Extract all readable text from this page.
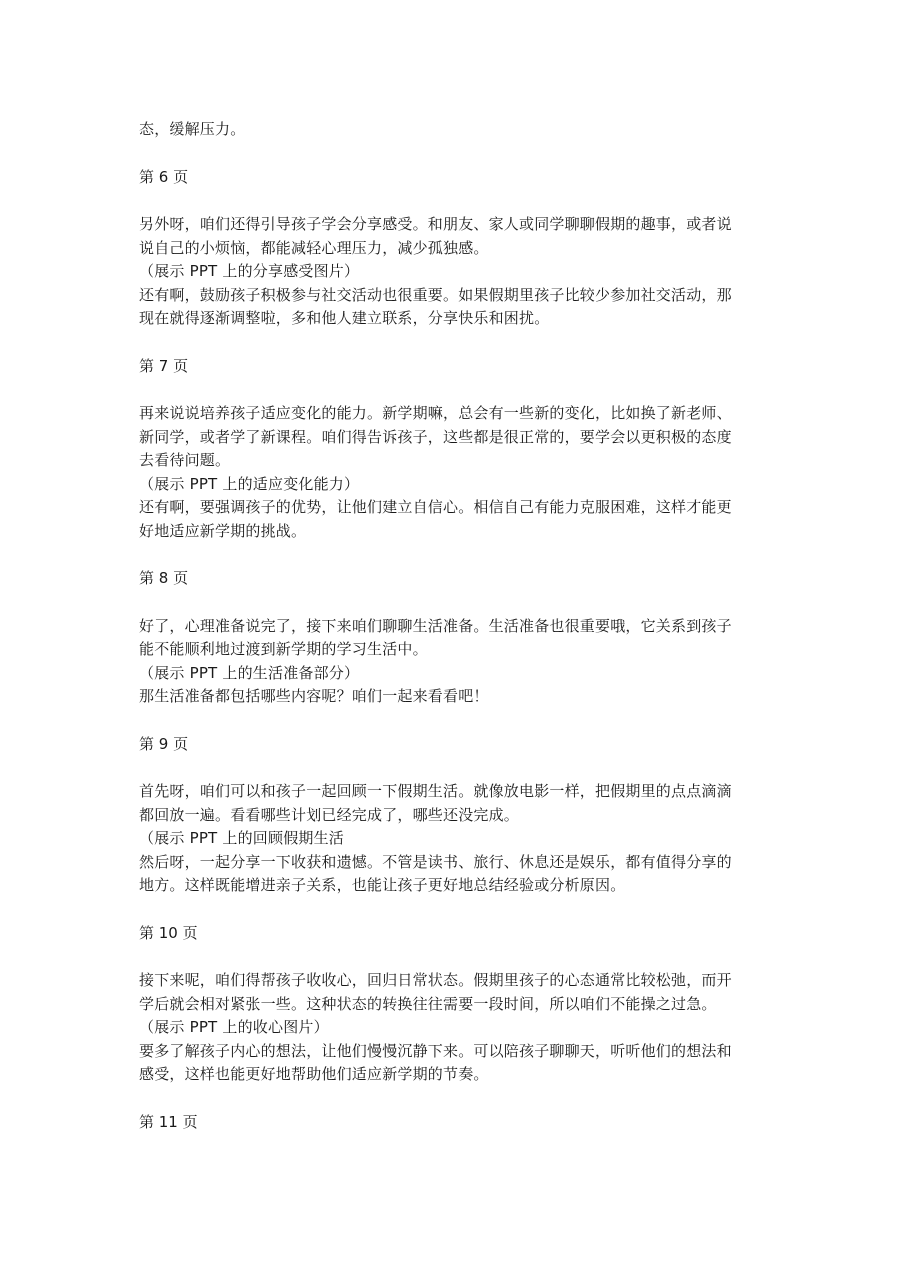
态，缓解压力。

第 6 页

另外呀，咱们还得引导孩子学会分享感受。和朋友、家人或同学聊聊假期的趣事，或者说

说自己的小烦恼，都能减轻心理压力，减少孤独感。

（展示 PPT 上的分享感受图片）

还有啊，鼓励孩子积极参与社交活动也很重要。如果假期里孩子比较少参加社交活动，那

现在就得逐渐调整啦，多和他人建立联系，分享快乐和困扰。

第 7 页

再来说说培养孩子适应变化的能力。新学期嘛，总会有一些新的变化，比如换了新老师、

新同学，或者学了新课程。咱们得告诉孩子，这些都是很正常的，要学会以更积极的态度

去看待问题。

（展示 PPT 上的适应变化能力）

还有啊，要强调孩子的优势，让他们建立自信心。相信自己有能力克服困难，这样才能更

好地适应新学期的挑战。

第 8 页

好了，心理准备说完了，接下来咱们聊聊生活准备。生活准备也很重要哦，它关系到孩子

能不能顺利地过渡到新学期的学习生活中。

（展示 PPT 上的生活准备部分）

那生活准备都包括哪些内容呢？咱们一起来看看吧！

第 9 页

首先呀，咱们可以和孩子一起回顾一下假期生活。就像放电影一样，把假期里的点点滴滴

都回放一遍。看看哪些计划已经完成了，哪些还没完成。

（展示 PPT 上的回顾假期生活

然后呀，一起分享一下收获和遗憾。不管是读书、旅行、休息还是娱乐，都有值得分享的

地方。这样既能增进亲子关系，也能让孩子更好地总结经验或分析原因。

第 10 页

接下来呢，咱们得帮孩子收收心，回归日常状态。假期里孩子的心态通常比较松弛，而开

学后就会相对紧张一些。这种状态的转换往往需要一段时间，所以咱们不能操之过急。

（展示 PPT 上的收心图片）

要多了解孩子内心的想法，让他们慢慢沉静下来。可以陪孩子聊聊天，听听他们的想法和

感受，这样也能更好地帮助他们适应新学期的节奏。

第 11 页
